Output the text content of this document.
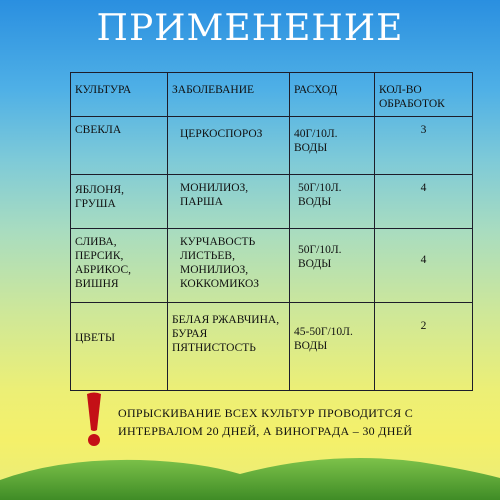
ПРИМЕНЕНИЕ
КУЛЬТУРА	ЗАБОЛЕВАНИЕ	РАСХОД	КОЛ-ВО ОБРАБОТОК
СВЕКЛА	ЦЕРКОСПОРОЗ	40Г/10Л. ВОДЫ	3
ЯБЛОНЯ, ГРУША	МОНИЛИОЗ, ПАРША	50Г/10Л. ВОДЫ	4
СЛИВА, ПЕРСИК, АБРИКОС, ВИШНЯ	КУРЧАВОСТЬ ЛИСТЬЕВ, МОНИЛИОЗ, КОККОМИКОЗ	50Г/10Л. ВОДЫ	4
ЦВЕТЫ	БЕЛАЯ РЖАВЧИНА, БУРАЯ ПЯТНИСТОСТЬ	45-50Г/10Л. ВОДЫ	2
ОПРЫСКИВАНИЕ ВСЕХ КУЛЬТУР ПРОВОДИТСЯ С ИНТЕРВАЛОМ 20 ДНЕЙ, А ВИНОГРАДА – 30 ДНЕЙ
